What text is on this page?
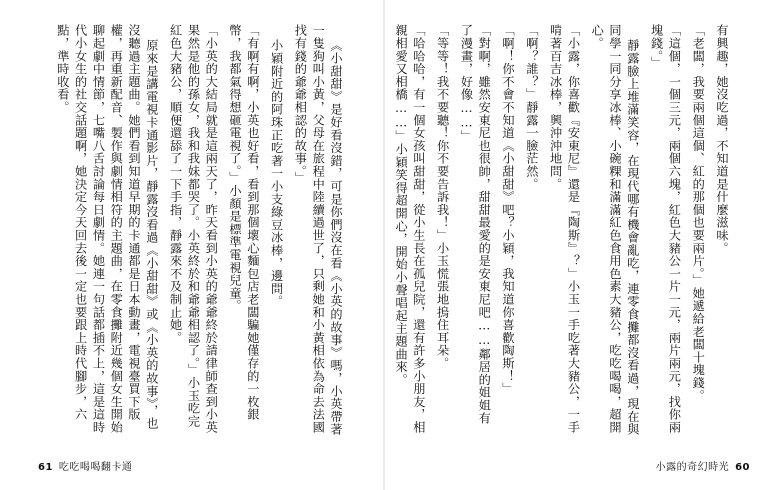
《小甜甜》是好看沒錯，可是你們沒在看《小英的故事》嗎，小英帶著一隻狗叫小黃，父母在旅程中陸續過世了，只剩她和小黃相依為命去法國找有錢的爺爺相認的故事。」

小穎附近的阿珠正吃著一小支綠豆冰棒，邊問。

「有啊有啊，小英也好看，看到那個壞心麵包店老闆騙她僅存的一枚銀幣，我都氣得想砸電視了。」小顏是標準電視兒童。

「小英的大結局就是這兩天了，昨天看到小英的爺爺終於請律師查到小英果然是他的孫女，我和我妹都哭了。小英終於和爺爺相認了。」小玉吃完紅色大豬公，順便還舔了一下手指，靜露來不及制止她。

原來是講電視卡通影片，靜露沒看過《小甜甜》或《小英的故事》，也沒聽過主題曲。她們看到知道早期的卡通都是日本動畫，電視臺買下版權，再重新配音、製作與劇情相符的主題曲，在零食攤附近幾個女生開始聊起劇中情節，七嘴八舌討論每日劇情。她連一句話都插不上，這是這時代小女生的社交話題啊，她決定今天回去後一定也要跟上時代腳步，六點，準時收看。

61 吃吃喝喝翻卡通

有興趣，她沒吃過，不知道是什麼滋味。

「老闆，我要兩個這個、紅的那個也要兩片。」她遞給老闆十塊錢。

「這個，一個三元，兩個六塊，紅色大豬公一片一元，兩片兩元，找你兩塊錢。」

靜露臉上堆滿笑容，在現代哪有機會亂吃，連零食攤都沒看過，現在與同學一同分享冰棒、小碗粿和滿滿紅色食用色素大豬公，吃吃喝喝，超開心。

「小露，你喜歡『安東尼』還是『陶斯』？」小玉一手吃著大豬公，一手啃著百吉冰棒，興沖沖地問。

「啊？誰？」靜露一臉茫然。

「啊！你不會不知道《小甜甜》吧？小穎，我知道你喜歡陶斯！」

「對啊，雖然安東尼也很帥，甜甜最愛的是安東尼吧……鄰居的姐姐有了漫畫，好像……」

「等等！我不要聽！你不要告訴我！」小玉慌張地摀住耳朵。

「哈哈哈，有一個女孩叫甜甜，從小生長在孤兒院，還有許多小朋友，相親相愛又相橋……」小穎笑得超開心，開始小聲唱起主題曲來。

小露的奇幻時光 60
